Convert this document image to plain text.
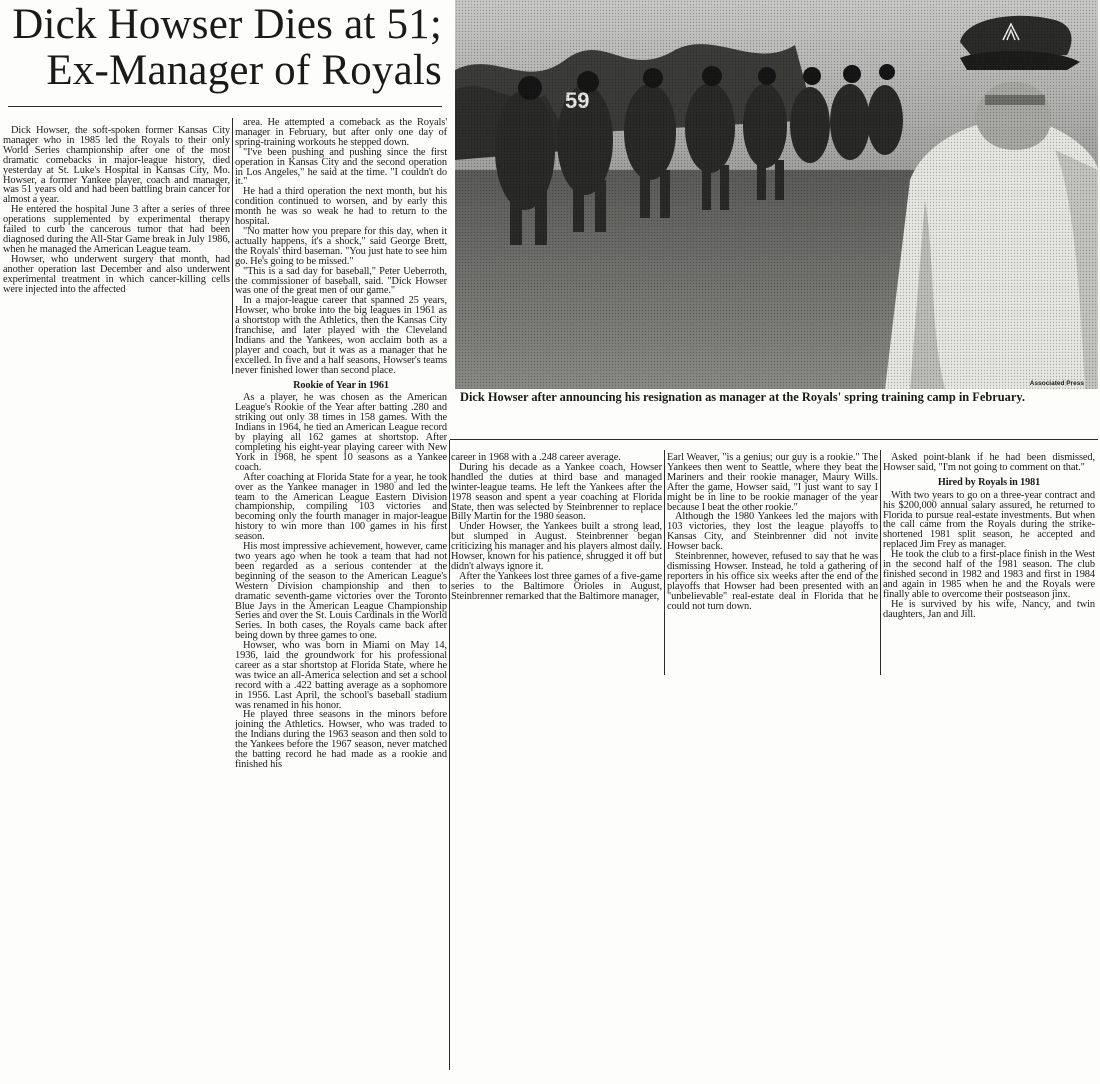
Dick Howser Dies at 51;
Ex-Manager of Royals
Associated Press
Dick Howser after announcing his resignation as manager at the Royals' spring training camp in February.

Dick Howser, the soft-spoken former Kansas City manager who in 1985 led the Royals to their only World Series championship after one of the most dramatic comebacks in major-league history, died yesterday at St. Luke's Hospital in Kansas City, Mo. Howser, a former Yankee player, coach and manager, was 51 years old and had been battling brain cancer for almost a year.

He entered the hospital June 3 after a series of three operations supplemented by experimental therapy failed to curb the cancerous tumor that had been diagnosed during the All-Star Game break in July 1986, when he managed the American League team.

Howser, who underwent surgery that month, had another operation last December and also underwent experimental treatment in which cancer-killing cells were injected into the affected

area. He attempted a comeback as the Royals' manager in February, but after only one day of spring-training workouts he stepped down.

"I've been pushing and pushing since the first operation in Kansas City and the second operation in Los Angeles," he said at the time. "I couldn't do it."

He had a third operation the next month, but his condition continued to worsen, and by early this month he was so weak he had to return to the hospital.

"No matter how you prepare for this day, when it actually happens, it's a shock," said George Brett, the Royals' third baseman. "You just hate to see him go. He's going to be missed."

"This is a sad day for baseball," Peter Ueberroth, the commissioner of baseball, said. "Dick Howser was one of the great men of our game."

In a major-league career that spanned 25 years, Howser, who broke into the big leagues in 1961 as a shortstop with the Athletics, then the Kansas City franchise, and later played with the Cleveland Indians and the Yankees, won acclaim both as a player and coach, but it was as a manager that he excelled. In five and a half seasons, Howser's teams never finished lower than second place.

Rookie of Year in 1961

As a player, he was chosen as the American League's Rookie of the Year after batting .280 and striking out only 38 times in 158 games. With the Indians in 1964, he tied an American League record by playing all 162 games at shortstop. After completing his eight-year playing career with New York in 1968, he spent 10 seasons as a Yankee coach.

After coaching at Florida State for a year, he took over as the Yankee manager in 1980 and led the team to the American League Eastern Division championship, compiling 103 victories and becoming only the fourth manager in major-league history to win more than 100 games in his first season.

His most impressive achievement, however, came two years ago when he took a team that had not been regarded as a serious contender at the beginning of the season to the American League's Western Division championship and then to dramatic seventh-game victories over the Toronto Blue Jays in the American League Championship Series and over the St. Louis Cardinals in the World Series. In both cases, the Royals came back after being down by three games to one.

Howser, who was born in Miami on May 14, 1936, laid the groundwork for his professional career as a star shortstop at Florida State, where he was twice an all-America selection and set a school record with a .422 batting average as a sophomore in 1956. Last April, the school's baseball stadium was renamed in his honor.

He played three seasons in the minors before joining the Athletics. Howser, who was traded to the Indians during the 1963 season and then sold to the Yankees before the 1967 season, never matched the batting record he had made as a rookie and finished his

career in 1968 with a .248 career average.

During his decade as a Yankee coach, Howser handled the duties at third base and managed winter-league teams. He left the Yankees after the 1978 season and spent a year coaching at Florida State, then was selected by Steinbrenner to replace Billy Martin for the 1980 season.

Under Howser, the Yankees built a strong lead, but slumped in August. Steinbrenner began criticizing his manager and his players almost daily. Howser, known for his patience, shrugged it off but didn't always ignore it.

After the Yankees lost three games of a five-game series to the Baltimore Orioles in August, Steinbrenner remarked that the Baltimore manager,

Earl Weaver, "is a genius; our guy is a rookie." The Yankees then went to Seattle, where they beat the Mariners and their rookie manager, Maury Wills. After the game, Howser said, "I just want to say I might be in line to be rookie manager of the year because I beat the other rookie."

Although the 1980 Yankees led the majors with 103 victories, they lost the league playoffs to Kansas City, and Steinbrenner did not invite Howser back.

Steinbrenner, however, refused to say that he was dismissing Howser. Instead, he told a gathering of reporters in his office six weeks after the end of the playoffs that Howser had been presented with an "unbelievable" real-estate deal in Florida that he could not turn down.

Asked point-blank if he had been dismissed, Howser said, "I'm not going to comment on that."

Hired by Royals in 1981

With two years to go on a three-year contract and his $200,000 annual salary assured, he returned to Florida to pursue real-estate investments. But when the call came from the Royals during the strike-shortened 1981 split season, he accepted and replaced Jim Frey as manager.

He took the club to a first-place finish in the West in the second half of the 1981 season. The club finished second in 1982 and 1983 and first in 1984 and again in 1985 when he and the Royals were finally able to overcome their postseason jinx.

He is survived by his wife, Nancy, and twin daughters, Jan and Jill.
